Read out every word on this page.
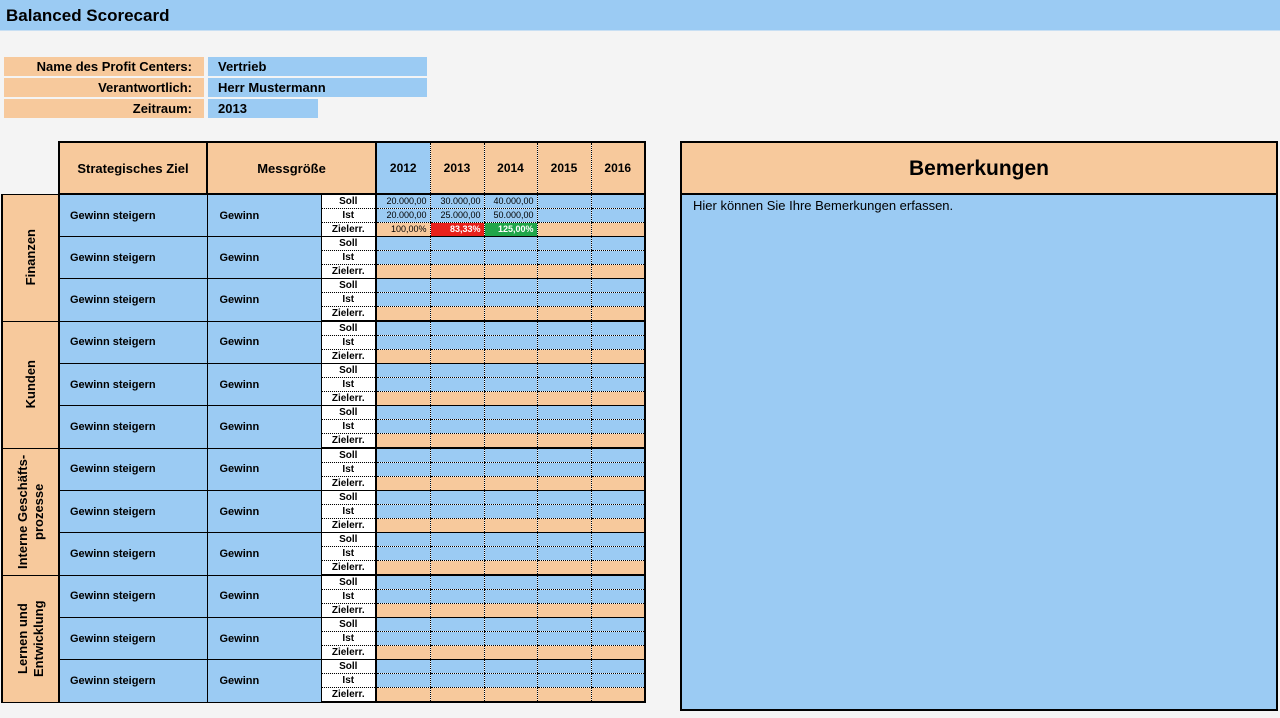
Balanced Scorecard
Name des Profit Centers:	Vertrieb
Verantwortlich:	Herr Mustermann
Zeitraum:	2013
	Strategisches Ziel	Messgröße		2012	2013	2014	2015	2016

Finanzen	Gewinn steigern	Gewinn	Soll	20.000,00	30.000,00	40.000,00		
			Ist	20.000,00	25.000,00	50.000,00		
			Zielerr.	100,00%	83,33%	125,00%		
	Gewinn steigern	Gewinn	Soll					
			Ist					
			Zielerr.					
	Gewinn steigern	Gewinn	Soll					
			Ist					
			Zielerr.					

Kunden	Gewinn steigern	Gewinn	Soll					
			Ist					
			Zielerr.					
	Gewinn steigern	Gewinn	Soll					
			Ist					
			Zielerr.					
	Gewinn steigern	Gewinn	Soll					
			Ist					
			Zielerr.					

Interne Geschäfts-prozesse	Gewinn steigern	Gewinn	Soll					
			Ist					
			Zielerr.					
	Gewinn steigern	Gewinn	Soll					
			Ist					
			Zielerr.					
	Gewinn steigern	Gewinn	Soll					
			Ist					
			Zielerr.					

Lernen und Entwicklung	Gewinn steigern	Gewinn	Soll					
			Ist					
			Zielerr.					
	Gewinn steigern	Gewinn	Soll					
			Ist					
			Zielerr.					
	Gewinn steigern	Gewinn	Soll					
			Ist					
			Zielerr.					
Bemerkungen
Hier können Sie Ihre Bemerkungen erfassen.
